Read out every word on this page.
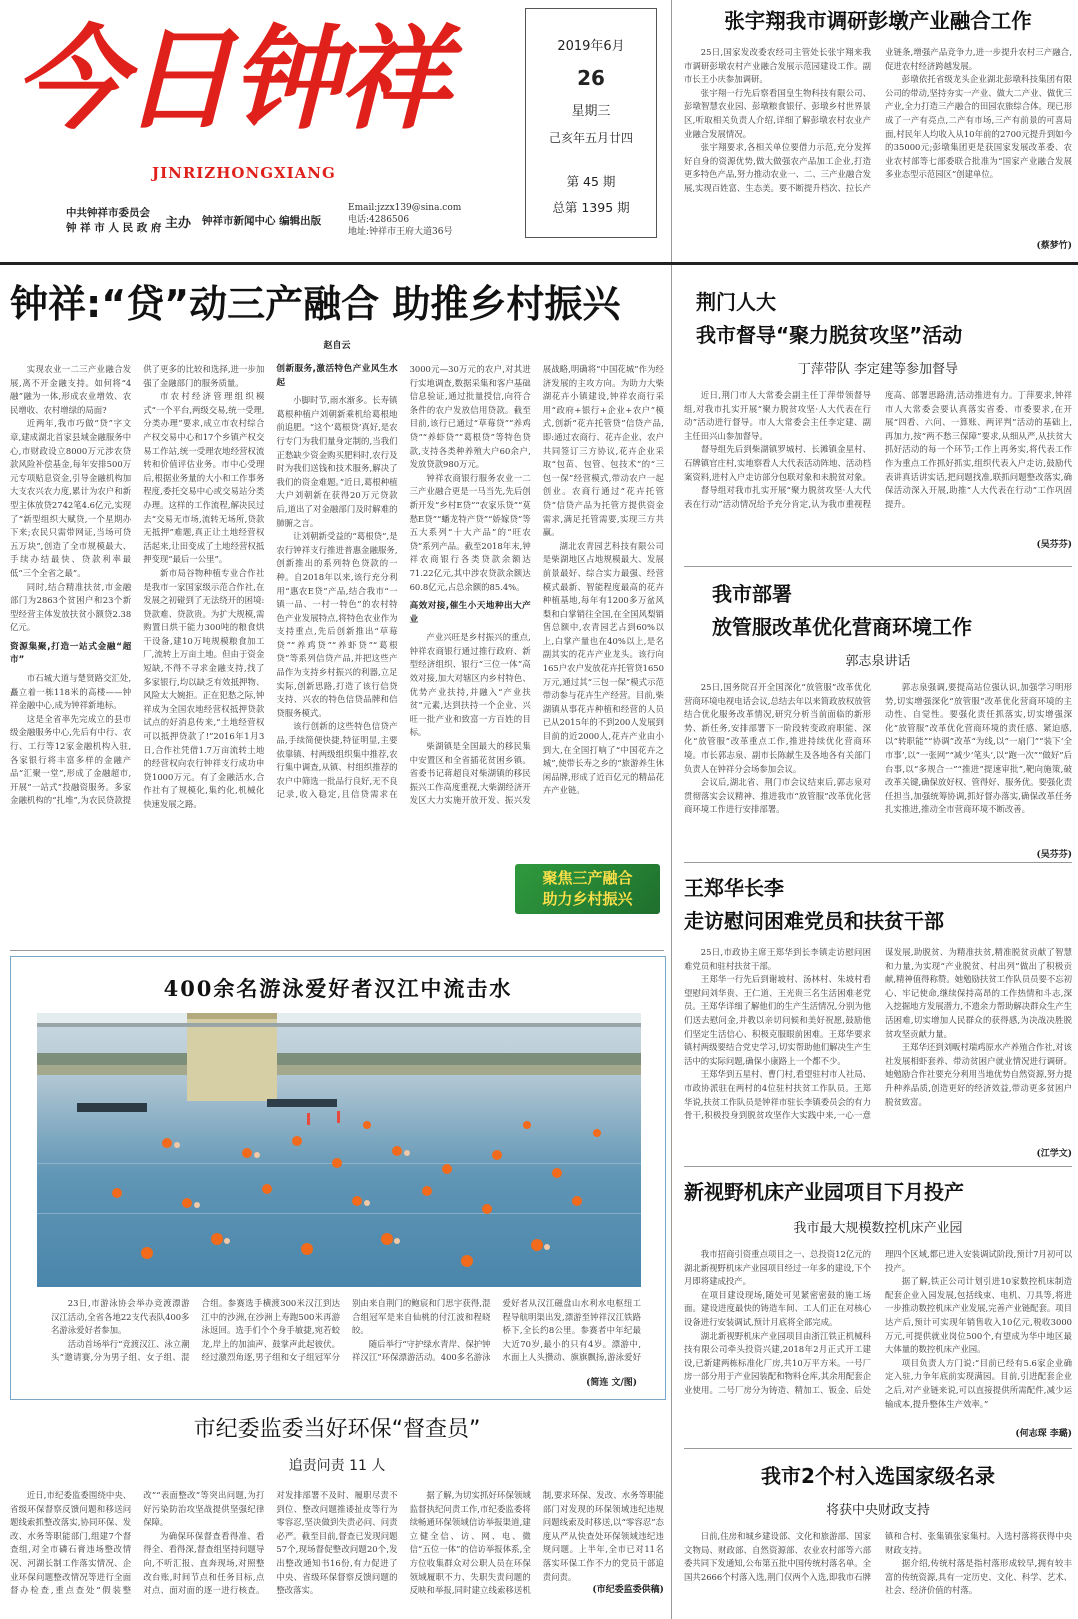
今日钟祥
JINRIZHONGXIANG
中共钟祥市委员会
钟 祥 市 人 民 政 府 主办 钟祥市新闻中心 编辑出版
Email:jzzx139@sina.com
电话:4286506
地址:钟祥市王府大道36号
2019年6月
26
星期三
己亥年五月廿四
第 45 期
总第 1395 期
张宇翔我市调研彭墩产业融合工作

25日,国家发改委农经司主管处长张宇翔来我市调研彭墩农村产业融合发展示范园建设工作。副市长王小庆参加调研。

张宇翔一行先后察看国皇生物科技有限公司、彭墩智慧农业园、彭墩粮食银仔、彭墩乡村世界景区,听取相关负责人介绍,详细了解彭墩农村农业产业融合发展情况。

张宇翔要求,各相关单位要借力示范,充分发挥好自身的资源优势,做大做强农产品加工企业,打造更多特色产品,努力推动农业一、二、三产业融合发展,实现百姓富、生态美。要不断提升档次、拉长产业链条,增强产品竞争力,进一步提升农村三产融合,促进农村经济跨越发展。

彭墩依托省级龙头企业湖北彭墩科技集团有限公司的带动,坚持夯实一产业、做大二产业、做优三产业,全力打造三产融合的田园农旅综合体。现已形成了一产有亮点,二产有市场,三产有前景的可喜局面,村民年人均收入从10年前的2700元提升到如今的35000元;彭墩集团更是获国家发展改革委、农业农村部等七部委联合批准为“国家产业融合发展多业态型示范园区”创建单位。

(蔡梦竹)
钟祥:“贷”动三产融合 助推乡村振兴
赵自云

实现农业一二三产业融合发展,离不开金融支持。如何将“4融”融为一体,形成农业增效、农民增收、农村增绿的局面?

近两年,我市巧做“贷”字文章,建成湖北首家县域金融服务中心,市财政设立8000万元涉农贷款风险补偿基金,每年安排500万元专项贴息资金,引导金融机构加大支农兴农力度,累计为农户和新型主体放贷2742笔4.6亿元,实现了“新型组织大赋贷,一个星期办下来;农民只需带网证,当场可贷五万块”,创造了全市规模最大、手续办结最快、贷款利率最低“三个全省之最”。

同时,结合精准扶贫,市金融部门为2863个贫困户和23个新型经营主体发放扶贫小额贷2.38亿元。

资源集聚,打造一站式金融“超市”

市石城大道与楚贤路交汇处,矗立着一栋118米的高楼——钟祥金融中心,成为钟祥新地标。

这是全省率先完成立的县市级金融服务中心,先后有中行、农行、工行等12家金融机构入驻,各家银行将丰富多样的金融产品“汇聚一堂”,形成了金融超市,开展“一站式”投融资服务。多家金融机构的“扎堆”,为农民贷款提供了更多的比较和选择,进一步加强了金融部门的服务质量。

市农村经济管理组织模式“一个平台,两级交易,统一受理,分类办理”要求,成立市农村综合产权交易中心和17个乡镇产权交易工作站,统一受理农地经营权流转和价值评估业务。市中心受理后,根据业务量的大小和工作事务程度,委托交易中心或交易站分类办理。这样的工作流程,解决民过去“交易无市场,流转无场所,贷款无抵押”难题,真正让土地经营权活起来,让田变成了土地经营权抵押变现“最后一公里”。

新市局谷物种植专业合作社是我市一家国家级示范合作社,在发展之初碰到了无法绕开的困境:贷款难、贷款贵。为扩大规模,需购置日烘干能力300吨的粮食烘干设备,建10万吨规模粮食加工厂,流转上万亩土地。但由于资金短缺,不得不寻求金融支持,找了多家银行,均以缺乏有效抵押物、风险太大婉拒。正在犯愁之际,钟祥成为全国农地经营权抵押贷款试点的好消息传来,“土地经营权可以抵押贷款了!”2016年1月3日,合作社凭借1.7万亩流转土地的经营权向农行钟祥支行成功申贷1000万元。有了金融活水,合作社有了规模化,集约化,机械化快速发展之路。

创新服务,激活特色产业风生水起

小脚时节,雨水渐多。长寿镇葛根种植户刘朝新乘机给葛根地前追肥。“这个‘葛根贷’真好,是农行专门为我们量身定制的,当我们正愁缺少资金购买肥料时,农行及时为我们送钱和技术服务,解决了我们的资金难题。”近日,葛根种植大户刘朝新在获得20万元贷款后,道出了对金融部门及时解难的肺腑之言。

让刘朝新受益的“葛根贷”,是农行钟祥支行推进普惠金融服务,创新推出的系列特色贷款的一种。自2018年以来,该行充分利用“惠农E贷”产品,结合我市“一镇一品、一村一特色”的农村特色产业发展特点,将特色农业作为支持重点,先后创新推出“草莓贷”“养鸡贷”“养虾贷”“葛根贷”等系列信贷产品,并把这些产品作为支持乡村振兴的利器,立足实际,创新思路,打造了该行信贷支持、兴农的特色信贷品牌和信贷服务模式。

该行创新的这些特色信贷产品,手续简便快捷,特征明显,主要依靠镇、村两级组织集中推荐,农行集中调查,从镇、村组织推荐的农户中筛选一批品行良好,无不良记录,收入稳定,且信贷需求在3000元—30万元的农户,对其进行实地调查,数据采集和客户基础信息验证,通过批量授信,向符合条件的农户发放信用贷款。截至目前,该行已通过“草莓贷”“养鸡贷”“养虾贷”“葛根贷”等特色贷款,支持各类种养殖大户60余户,发放贷款980万元。

钟祥农商银行服务农业一二三产业融合更是一马当先,先后创新开发“乡村E贷”“农家乐贷”“莫愁E贷”“蟠龙特产贷”“娇嫁贷”等五大系列“十大产品”的“旺农贷”系列产品。截至2018年末,钟祥农商银行各类贷款余额达71.22亿元,其中涉农贷款余额达60.8亿元,占总余额的85.4%。

高效对接,催生小天地种出大产业

产业兴旺是乡村振兴的重点,钟祥农商银行通过推行政府、新型经济组织、银行“三位一体”高效对接,加大对辖区内乡村特色、优势产业扶持,并融入“产业扶贫”元素,达到扶持一个企业、兴旺一批产业和致富一方百姓的目标。

柴湖镇是全国最大的移民集中安置区和全省插花贫困乡镇。省委书记蒋超良对柴湖镇的移民振兴工作高度重视,大柴湖经济开发区大力实施开放开发、振兴发展战略,明确将“中国花城”作为经济发展的主攻方向。为助力大柴湖花卉小镇建设,钟祥农商行采用“政府+银行+企业+农户”模式,创新“花卉托管贷”信贷产品,即:通过农商行、花卉企业、农户共同签订三方协议,花卉企业采取“包苗、包管、包技术”的“三包一保”经营模式,带动农户一起创业。农商行通过“花卉托管贷”信贷产品为托管方提供资金需求,满足托管需要,实现三方共赢。

湖北农青园艺科技有限公司是柴湖地区占地规模最大、发展前景最好、综合实力最强、经营模式最新、智能程度最高的花卉种植基地,每年有1200多万盆风梨和白掌销往全国,在全国风梨销售总额中,农青园艺占到60%以上,白掌产量也在40%以上,是名副其实的花卉产业龙头。该行向165户农户发放花卉托管贷1650万元,通过其“三包一保”模式示范带动参与花卉生产经营。目前,柴湖镇从事花卉种植和经营的人员已从2015年的不到200人发展到目前的近2000人,花卉产业由小到大,在全国打响了“中国花卉之城”,使带长寿之乡的“旅游养生休闲品牌,形成了近百亿元的精品花卉产业链。

聚焦三产融合
助力乡村振兴
400余名游泳爱好者汉江中流击水

23日,市游泳协会举办竞渡漂游汉江活动,全省各地22支代表队400多名游泳爱好者参加。

活动首场举行“竞渡汉江、泳立潮头”邀请赛,分为男子组、女子组、混合组。参赛选手横渡300米汉江到达江中的沙洲,在沙洲上寿跑500米再游泳返回。选手们个个身手敏捷,宛若蛟龙,岸上的加油声、鼓掌声此起彼伏。经过激烈角逐,男子组和女子组冠军分别由来自荆门的鲍宸和门思宇获得,混合组冠军是来自仙桃的付江波和程晓皎。

随后举行“守护绿水青岸、保护钟祥汉江”环保漂游活动。400多名游泳爱好者从汉江磁盘山水利水电枢纽工程导航明渠出发,漂游至钟祥汉江铁路桥下,全长约8公里。参赛者中年纪最大近70岁,最小的只有4岁。漂游中,水面上人头攒动、旗旗飘扬,游泳爱好

(简连 文/图)
市纪委监委当好环保“督查员”
追责问责 11 人

近日,市纪委监委围绕中央、省级环保督察反馈问题和移送问题线索抓整改落实,协同环保、发改、水务等职能部门,组建7个督查组,对全市磷石膏违场整改情况、河湖长制工作落实情况、企业环保问题整改情况等进行全面督办检查,重点查处“假装整改”“表面整改”等突出问题,为打好污染防治攻坚战提供坚强纪律保障。

为确保环保督查看得准、看得全、看得深,督查组坚持问题导向,不听汇报、直奔现场,对照整改台账,时间节点和任务目标,点对点、面对面的逐一进行核查。对发排部署不及时、履职尽责不到位、整改问题推诿扯皮等行为零容忍,坚决做到失责必问、问责必严。截至目前,督查已发现问题57个,现场督促整改问题20个,发出整改通知书16份,有力促进了中央、省级环保督察反馈问题的整改落实。

据了解,为切实抓好环保领域监督执纪问责工作,市纪委监委将续畅通环保领域信访举报渠道,建立健全信、访、网、电、微信“五位一体”的信访举报体系,全方位收集群众对公职人员在环保领域履职不力、失职失责问题的反映和举报,同时建立线索移送机制,要求环保、发改、水务等职能部门对发现的环保领域违纪违规问题线索及时移送,以“零容忍”态度从严从快查处环保领域违纪违规问题。上半年,全市已对11名落实环保工作不力的党员干部追责问责。

(市纪委监委供稿)
荆门人大
我市督导“聚力脱贫攻坚”活动
丁萍带队 李定建等参加督导

近日,荆门市人大常委会副主任丁萍带领督导组,对我市扎实开展“聚力脱贫攻坚·人大代表在行动”活动进行督导。市人大常委会主任李定建、副主任田兴山参加督导。

督导组先后到柴湖镇罗城村、长滩镇金星村、石牌镇官庄村,实地察看人大代表活动阵地、活动档案资料,进村入户走访部分包联对象和未脱贫对象。

督导组对我市扎实开展“聚力脱贫攻坚·人大代表在行动”活动情况给予充分肯定,认为我市重视程度高、部署思路清,活动推进有力。丁萍要求,钟祥市人大常委会要认真落实省委、市委要求,在开展“四看、六问、一算账、两评判”活动的基础上,再加力,按“两不愁三保障”要求,从细从严,从扶贫大抓好活动的每一个环节;工作上再务实,将代表工作作为重点工作抓好抓实,组织代表入户走访,鼓励代表讲真话讲实话,把问题找准,联抓问题整改落实,确保活动深入开展,助推“人大代表在行动”工作巩固提升。

(吴芬芬)
我市部署
放管服改革优化营商环境工作
郭志泉讲话

25日,国务院召开全国深化“放管服”改革优化营商环境电视电话会议,总结去年以来简政放权放管结合优化服务改革情况,研究分析当前面临的新形势、新任务,安排部署下一阶段转变政府职能、深化“放管服”改革重点工作,推进持续优化营商环境。市长郭志泉、副市长陈献生及各地各有关部门负责人在钟祥分会场参加会议。

会议后,湖北省、荆门市会议结束后,郭志泉对贯彻落实会议精神、推进我市“放管服”改革优化营商环境工作进行安排部署。

郭志泉强调,要提高站位强认识,加强学习明形势,切实增强深化“放管服”改革优化营商环境的主动性、自觉性。要强化责任抓落实,切实增强深化“放管服”改革优化营商环境的责任感、紧迫感,以“转职能”“协调”改革“为线,以“一扇门”“装下‘全市事’,以“一张网”“减少‘笔头’,以“跑一次”“做好”后台事,以“多规合一”“推进”提速审批”,靶向施策,破改革关键,确保放好权、管得好、服务优。要强化责任担当,加强统筹协调,抓好督办落实,确保改革任务扎实推进,推动全市营商环境不断改善。

(吴芬芬)
王郑华长李
走访慰问困难党员和扶贫干部

25日,市政协主席王郑华到长李镇走访慰问困难党员和驻村扶贫干部。

王郑华一行先后到谢坡村、汤林村、朱坡村看望慰问刘华贵、王仁道、王光贵三名生活困难老党员。王郑华详细了解他们的生产生活情况,分别为他们送去慰问金,并教以亲切问候和美好祝愿,鼓励他们坚定生活信心、积极克服眼前困难。王郑华要求镇村两级要结合党史学习,切实帮助他们解决生产生活中的实际问题,确保小康路上一个都不少。

王郑华到五星村、曹门村,看望驻村市人社局、市政协派驻在两村的4位驻村扶贫工作队员。王郑华说,扶贫工作队员是钟祥市驻长李镇委员会的有力骨干,积极投身到脱贫攻坚作大实践中来,一心一意谋发展,助脱贫、为精准扶贫,精准脱贫贡献了智慧和力量,为实现“产业脱贫、村出列”做出了积极贡献,精神值得称赞。她勉励扶贫工作队员员要不忘初心、牢记使命,继续保持高昂的工作热情和斗志,深入挖掘地方发展潜力,不遗余力帮助解决群众生产生活困难,切实增加人民群众的获得感,为决战决胜脱贫攻坚贡献力量。

王郑华还到刘畈村瑞鸡原水产养殖合作社,对该社发展相虾套养、带动贫困户就业情况进行调研。她勉励合作社要充分利用当地优势自然资源,努力提升种养品质,创造更好的经济效益,带动更多贫困户脱贫致富。

(江学文)
新视野机床产业园项目下月投产
我市最大规模数控机床产业园

我市招商引资重点项目之一、总投资12亿元的湖北新视野机床产业园项目经过一年多的建设,下个月即将建成投产。

在项目建设现场,随处可见紧密密鼓的施工场面。建设进度最快的铸造车间、工人们正在对核心设备进行安装调试,预计月底将全部完成。

湖北新视野机床产业园项目由浙江铁正机械科技有限公司牵头投资兴建,2018年2月正式开工建设,已新建两栋标准化厂房,共10万平方米。一号厂房一部分用于产业园装配和物料仓库,其余用配套企业使用。二号厂房分为铸造、精加工、钣金、后处理四个区域,都已进入安装调试阶段,预计7月初可以投产。

据了解,铁正公司计划引进10家数控机床制造配套企业入园发展,包括线束、电机、刀具等,将进一步推动数控机床产业发展,完善产业链配套。项目达产后,预计可实现年销售收入10亿元,税收3000万元,可提供就业岗位500个,有望成为华中地区最大体量的数控机床产业园。

项目负责人方门说:“目前已经有5.6家企业确定入驻,力争年底前实现满园。目前,引进配套企业之后,对产业链来说,可以直接提供所需配件,减少运输成本,提升整体生产效率。”

(何志琛 李璐)
我市2个村入选国家级名录
将获中央财政支持

日前,住房和城乡建设部、文化和旅游部、国家文物局、财政部、自然资源部、农业农村部等六部委共同下发通知,公布第五批中国传统村落名单。全国共2666个村落入选,荆门仅两个入选,即我市石牌镇和合村、张集镇张家集村。入选村落将获得中央财政支持。

据介绍,传统村落是指村落形成较早,拥有较丰富的传统资源,具有一定历史、文化、科学、艺术、社会、经济价值的村落。
